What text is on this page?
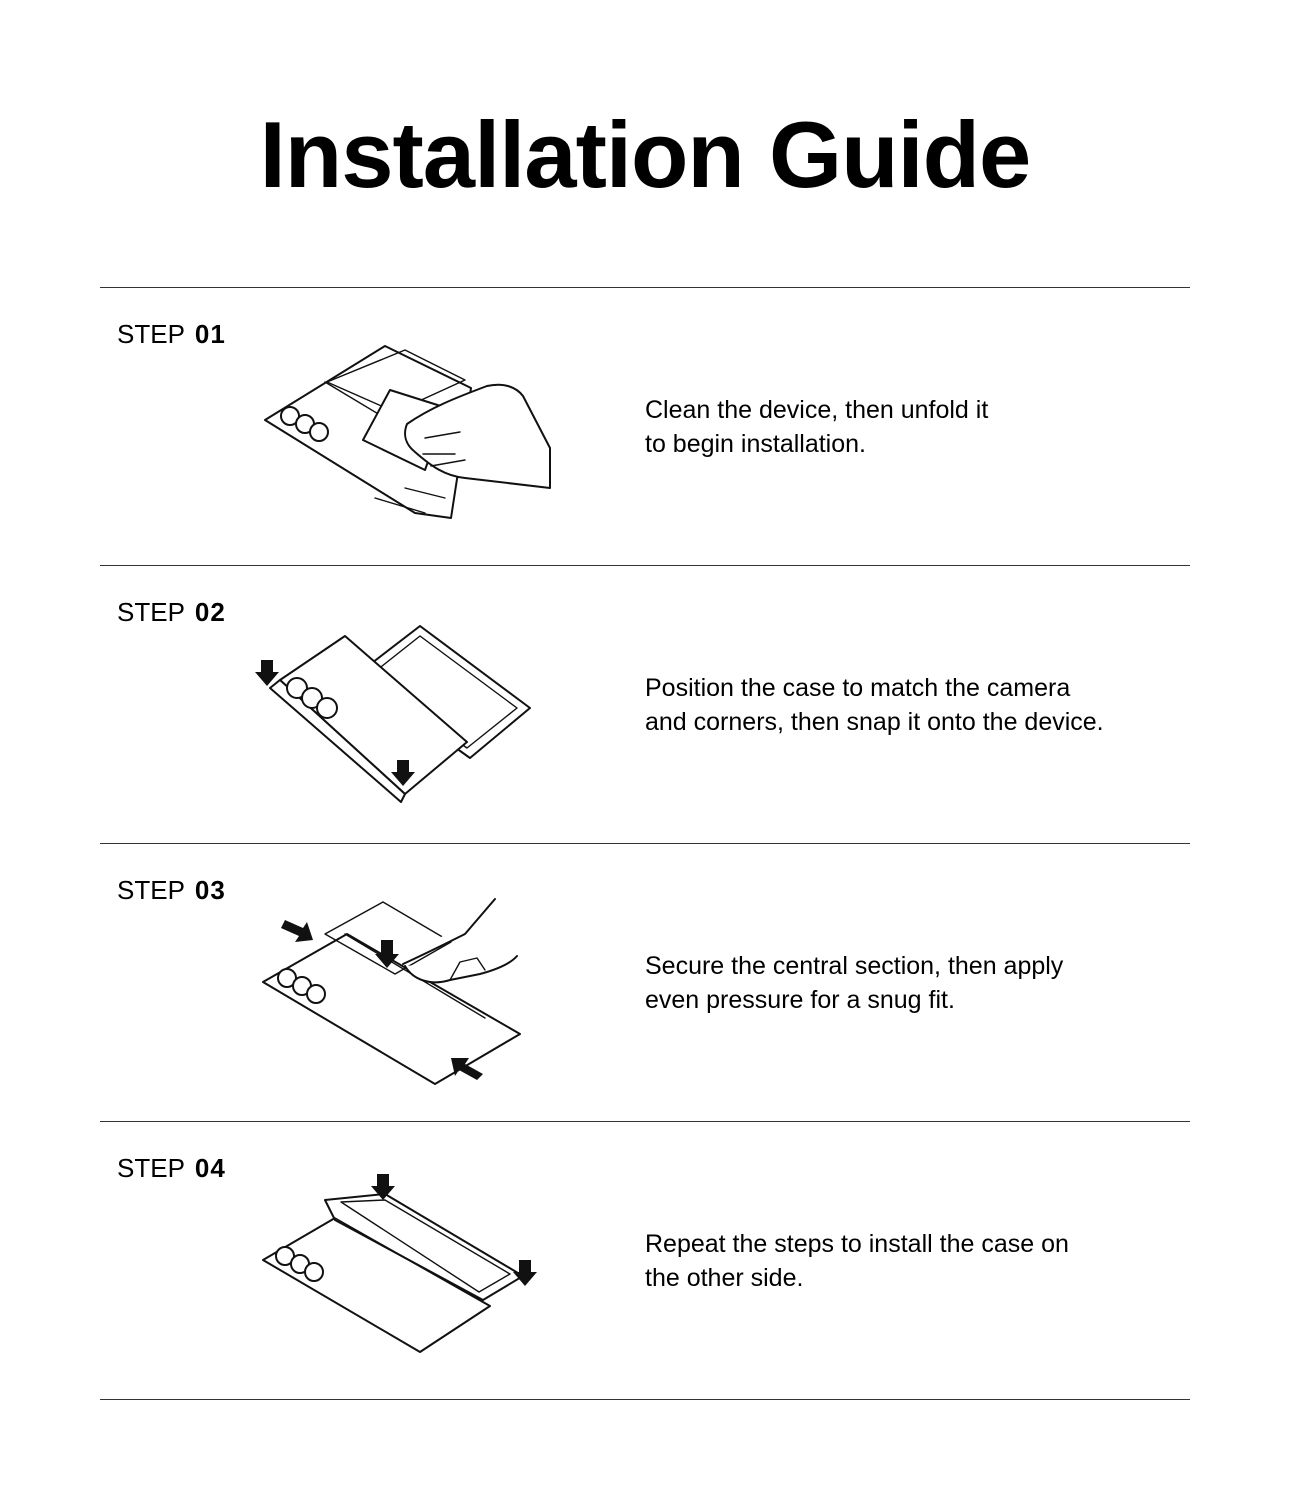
Installation Guide
STEP 01
Clean the device, then unfold it
to begin installation.
STEP 02
Position the case to match the camera
and corners, then snap it onto the device.
STEP 03
Secure the central section, then apply
even pressure for a snug fit.
STEP 04
Repeat the steps to install the case on
the other side.
